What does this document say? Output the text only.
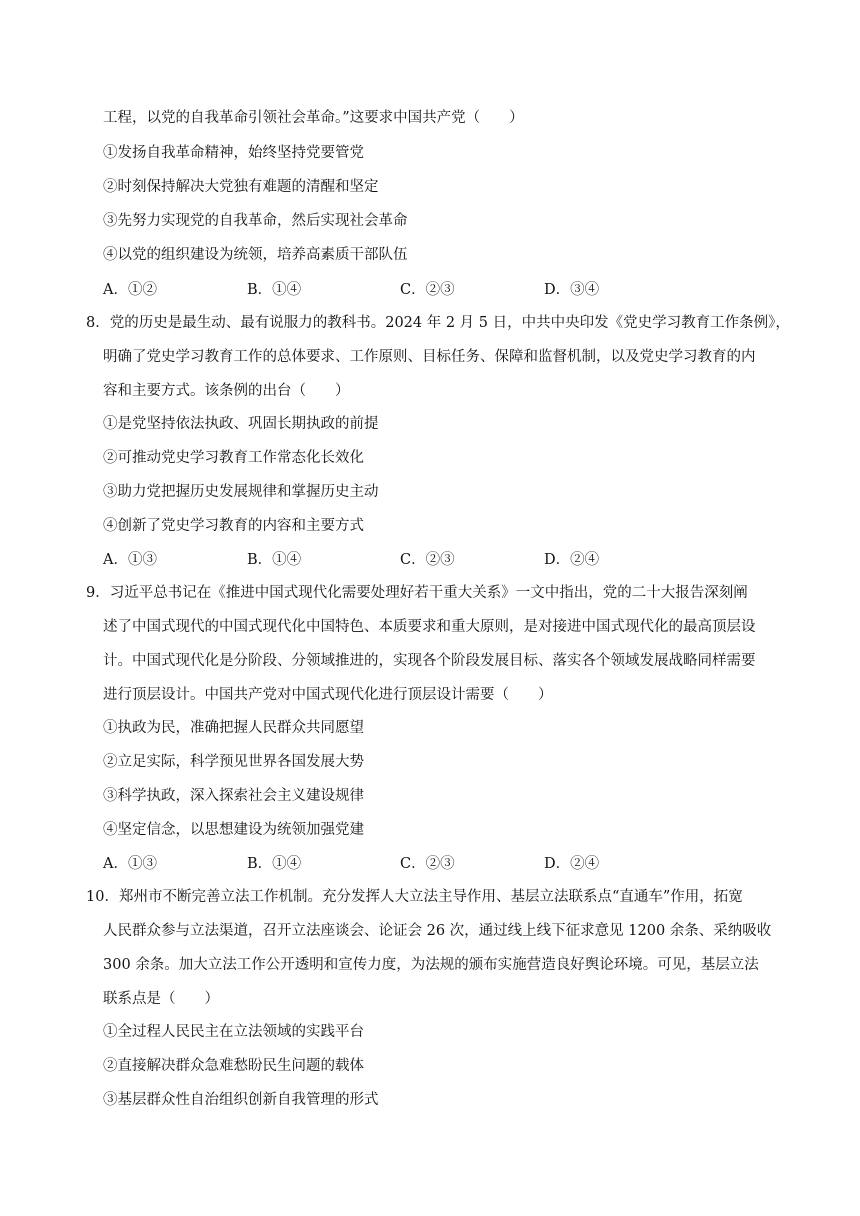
工程，以党的自我革命引领社会革命。”这要求中国共产党（　　）
①发扬自我革命精神，始终坚持党要管党
②时刻保持解决大党独有难题的清醒和坚定
③先努力实现党的自我革命，然后实现社会革命
④以党的组织建设为统领，培养高素质干部队伍
A．①②	B．①④	C．②③	D．③④
8．党的历史是最生动、最有说服力的教科书。2024 年 2 月 5 日，中共中央印发《党史学习教育工作条例》，
明确了党史学习教育工作的总体要求、工作原则、目标任务、保障和监督机制，以及党史学习教育的内
容和主要方式。该条例的出台（　　）
①是党坚持依法执政、巩固长期执政的前提
②可推动党史学习教育工作常态化长效化
③助力党把握历史发展规律和掌握历史主动
④创新了党史学习教育的内容和主要方式
A．①③	B．①④	C．②③	D．②④
9．习近平总书记在《推进中国式现代化需要处理好若干重大关系》一文中指出，党的二十大报告深刻阐
述了中国式现代的中国式现代化中国特色、本质要求和重大原则，是对接进中国式现代化的最高顶层设
计。中国式现代化是分阶段、分领域推进的，实现各个阶段发展目标、落实各个领域发展战略同样需要
进行顶层设计。中国共产党对中国式现代化进行顶层设计需要（　　）
①执政为民，准确把握人民群众共同愿望
②立足实际，科学预见世界各国发展大势
③科学执政，深入探索社会主义建设规律
④坚定信念，以思想建设为统领加强党建
A．①③	B．①④	C．②③	D．②④
10．郑州市不断完善立法工作机制。充分发挥人大立法主导作用、基层立法联系点“直通车”作用，拓宽
人民群众参与立法渠道，召开立法座谈会、论证会 26 次，通过线上线下征求意见 1200 余条、采纳吸收
300 余条。加大立法工作公开透明和宣传力度，为法规的颁布实施营造良好舆论环境。可见，基层立法
联系点是（　　）
①全过程人民民主在立法领域的实践平台
②直接解决群众急难愁盼民生问题的载体
③基层群众性自治组织创新自我管理的形式
